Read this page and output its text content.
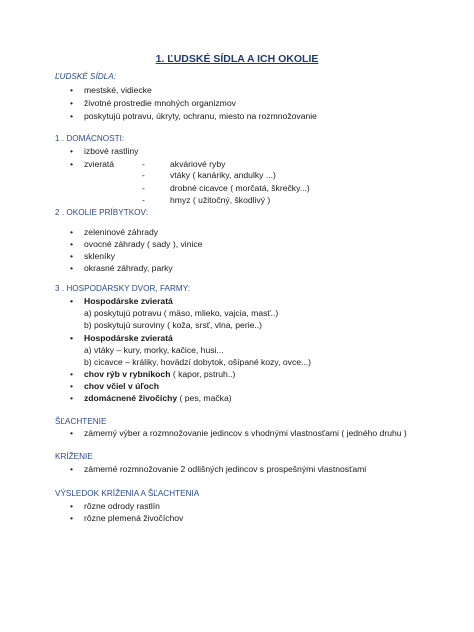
1. ĽUDSKÉ SÍDLA A ICH OKOLIE
ĽUDSKÉ SÍDLA:
• mestské, vidiecke
• životné prostredie mnohých organizmov
• poskytujú potravu, úkryty, ochranu, miesto na rozmnožovanie
1 . DOMÁCNOSTI:
• izbové rastliny
• zvieratá	-
-
-
-
akváriové ryby
vtáky ( kanáriky, andulky ...)
drobné cicavce ( morčatá, škrečky...)
hmyz ( užitočný, škodlivý )
2 . OKOLIE PRÍBYTKOV:
• zeleninové záhrady
• ovocné záhrady ( sady ), vinice
• skleníky
• okrasné záhrady, parky
3 . HOSPODÁRSKY DVOR, FARMY:
• Hospodárske zvieratá
a) poskytujú potravu ( mäso, mlieko, vajcia, masť..)
b) poskytujú suroviny ( koža, srsť, vlna, perie..)
• Hospodárske zvieratá
a) vtáky – kury, morky, kačice, husi...
b) cicavce – králiky, hovädzí dobytok, ošípané kozy, ovce...)
• chov rýb v rybníkoch ( kapor, pstruh..)
• chov včiel v úľoch
• zdomácnené živočíchy ( pes, mačka)
ŠĽACHTENIE
• zámerný výber a rozmnožovanie jedincov s vhodnými vlastnosťami ( jedného druhu )
KRÍŽENIE
• zámerné rozmnožovanie 2 odlišných jedincov s prospešnými vlastnosťami
VÝSLEDOK KRÍŽENIA A ŠĽACHTENIA
• rôzne odrody rastlín
• rôzne plemená živočíchov
